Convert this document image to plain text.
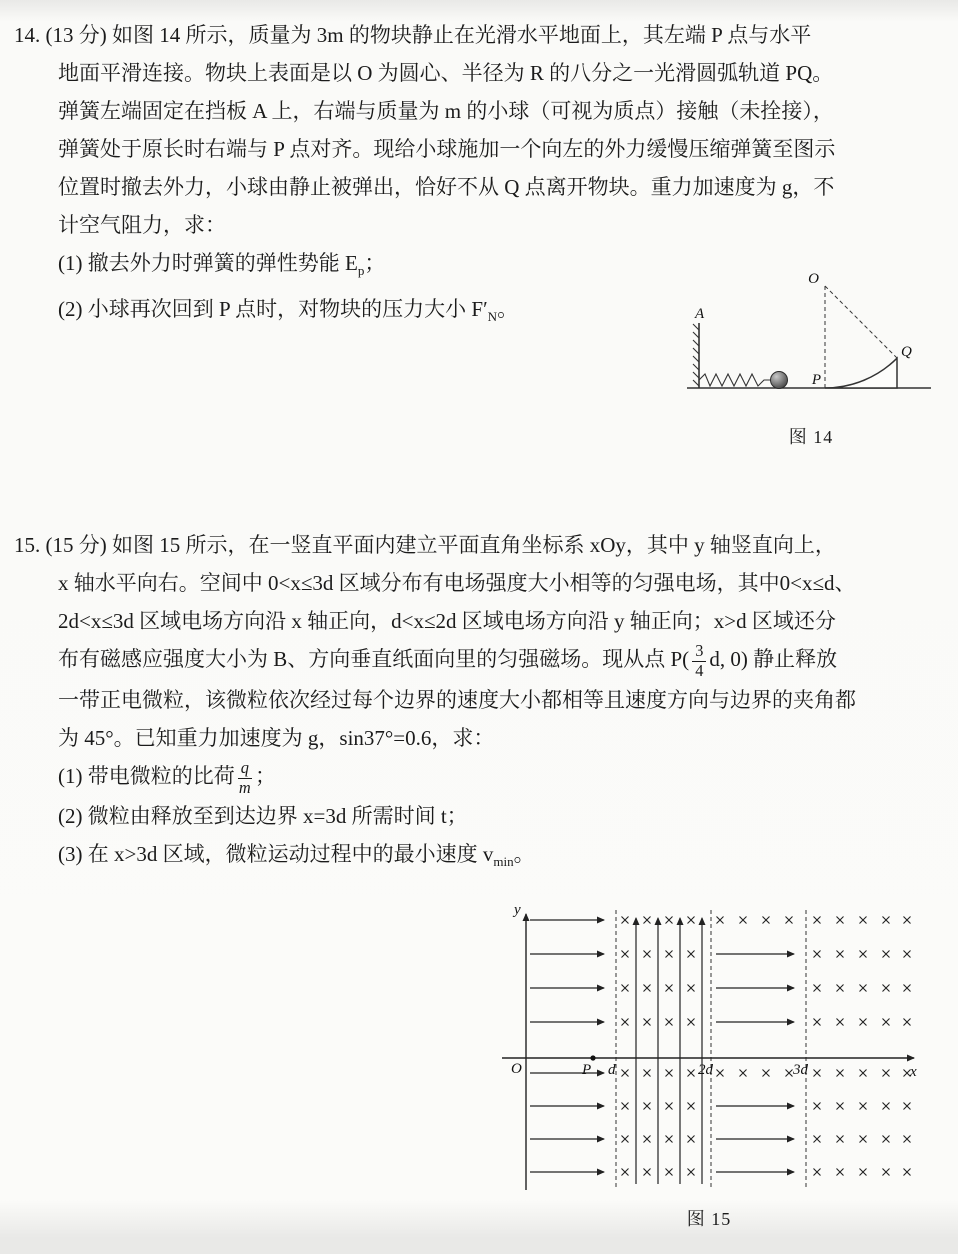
14. (13 分) 如图 14 所示，质量为 3m 的物块静止在光滑水平地面上，其左端 P 点与水平
地面平滑连接。物块上表面是以 O 为圆心、半径为 R 的八分之一光滑圆弧轨道 PQ。
弹簧左端固定在挡板 A 上，右端与质量为 m 的小球（可视为质点）接触（未拴接），
弹簧处于原长时右端与 P 点对齐。现给小球施加一个向左的外力缓慢压缩弹簧至图示
位置时撤去外力，小球由静止被弹出，恰好不从 Q 点离开物块。重力加速度为 g，不
计空气阻力，求：
(1) 撤去外力时弹簧的弹性势能 $E_p$；
(2) 小球再次回到 P 点时，对物块的压力大小 $F'_N$。	A
O
P
Q
图 14
15. (15 分) 如图 15 所示，在一竖直平面内建立平面直角坐标系 xOy，其中 y 轴竖直向上，
x 轴水平向右。空间中 0<x≤3d 区域分布有电场强度大小相等的匀强电场，其中0<x≤d、
2d<x≤3d 区域电场方向沿 x 轴正向，d<x≤2d 区域电场方向沿 y 轴正向；x>d 区域还分
布有磁感应强度大小为 B、方向垂直纸面向里的匀强磁场。现从点 $P( \frac{3}{4} d$, 0) 静止释放
一带正电微粒，该微粒依次经过每个边界的速度大小都相等且速度方向与边界的夹角都
为 45°。已知重力加速度为 g，sin37°=0.6，求：
(1) 带电微粒的比荷 $\frac{q}{m}$ ；
(2) 微粒由释放至到达边界 x=3d 所需时间 t；
(3) 在 x>3d 区域，微粒运动过程中的最小速度 $v_{min}$。
y
x
O	P d	2d	3d
图 15
